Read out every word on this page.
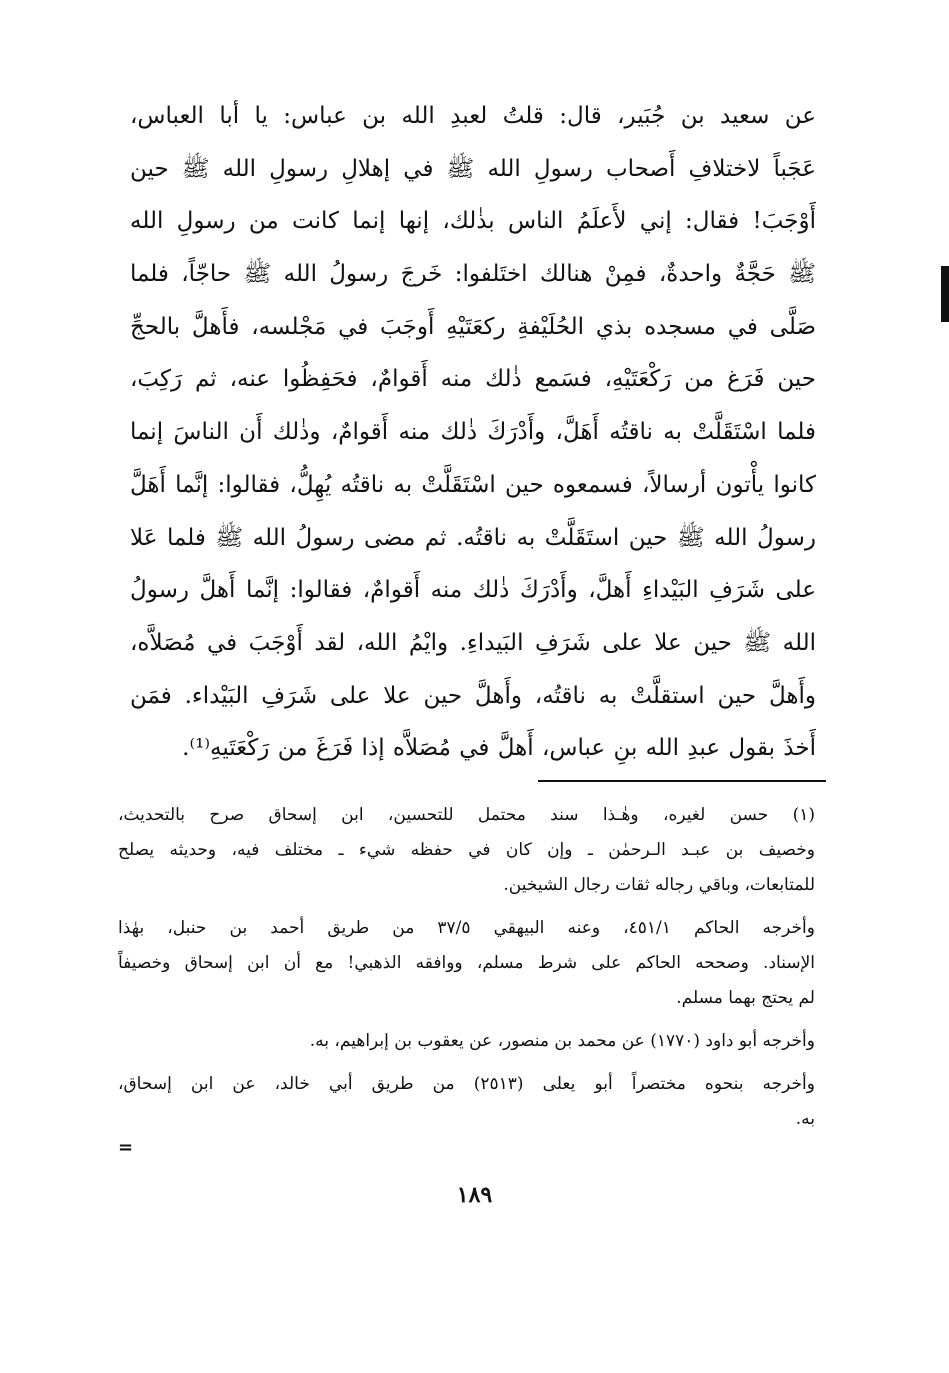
عن سعيد بن جُبَير، قال: قلتُ لعبدِ الله بن عباس: يا أبا العباس،
عَجَباً لاختلافِ أَصحاب رسولِ الله ﷺ في إهلالِ رسولِ الله ﷺ حين
أَوْجَبَ! فقال: إني لأَعلَمُ الناس بذٰلك، إنها إنما كانت من رسولِ الله
ﷺ حَجَّةٌ واحدةٌ، فمِنْ هنالك اختَلفوا: خَرجَ رسولُ الله ﷺ حاجّاً، فلما
صَلَّى في مسجده بذي الحُلَيْفةِ ركعَتَيْهِ أَوجَبَ في مَجْلسه، فأَهلَّ بالحجِّ
حين فَرَغ من رَكْعَتَيْهِ، فسَمع ذٰلك منه أَقوامٌ، فحَفِظُوا عنه، ثم رَكِبَ،
فلما اسْتَقَلَّتْ به ناقتُه أَهَلَّ، وأَدْرَكَ ذٰلك منه أَقوامٌ، وذٰلك أَن الناسَ إنما
كانوا يأْتون أرسالاً، فسمعوه حين اسْتَقَلَّتْ به ناقتُه يُهِلُّ، فقالوا: إنَّما أَهَلَّ
رسولُ الله ﷺ حين استَقَلَّتْ به ناقتُه. ثم مضى رسولُ الله ﷺ فلما عَلا
على شَرَفِ البَيْداءِ أَهلَّ، وأَدْرَكَ ذٰلك منه أَقوامٌ، فقالوا: إنَّما أَهلَّ رسولُ
الله ﷺ حين علا على شَرَفِ البَيداءِ. وايْمُ الله، لقد أَوْجَبَ في مُصَلاَّه،
وأَهلَّ حين استقلَّتْ به ناقتُه، وأَهلَّ حين علا على شَرَفِ البَيْداء. فمَن
أَخذَ بقول عبدِ الله بنِ عباس، أَهلَّ في مُصَلاَّه إذا فَرَغَ من رَكْعَتَيهِ⁽¹⁾.

(١) حسن لغيره، وهٰـذا سند محتمل للتحسين، ابن إسحاق صرح بالتحديث،
وخصيف بن عبـد الـرحمٰن ـ وإن كان في حفظه شيء ـ مختلف فيه، وحديثه يصلح
للمتابعات، وباقي رجاله ثقات رجال الشيخين.

وأخرجه الحاكم ٤٥١/١، وعنه البيهقي ٣٧/٥ من طريق أحمد بن حنبل، بهٰذا
الإسناد. وصححه الحاكم على شرط مسلم، ووافقه الذهبي! مع أن ابن إسحاق وخصيفاً
لم يحتج بهما مسلم.

وأخرجه أبو داود (١٧٧٠) عن محمد بن منصور، عن يعقوب بن إبراهيم، به.

وأخرجه بنحوه مختصراً أبو يعلى (٢٥١٣) من طريق أبي خالد، عن ابن إسحاق،
به.

=
١٨٩
